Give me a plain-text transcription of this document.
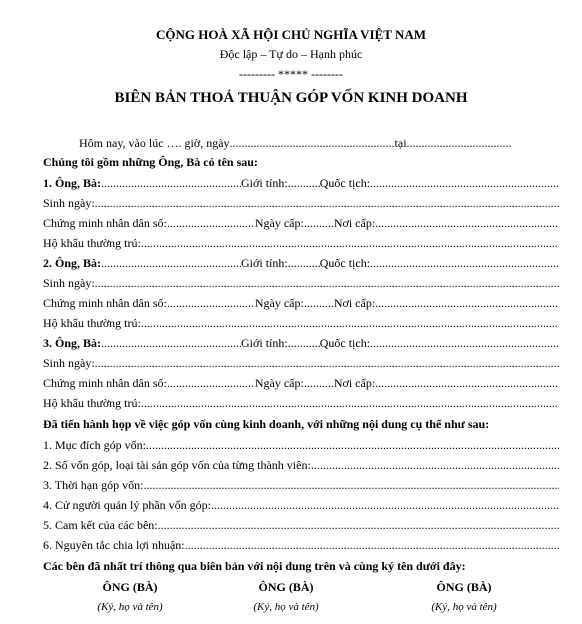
CỘNG HOÀ XÃ HỘI CHỦ NGHĨA VIỆT NAM
Độc lập – Tự do – Hạnh phúc
--------- ***** --------
BIÊN BẢN THOẢ THUẬN GÓP VỐN KINH DOANH
Hôm nay, vào lúc …. giờ, ngày .....	tại
.....
Chúng tôi gồm những Ông, Bà có tên sau:
1. Ông, Bà: .....	Giới tính: .....	Quốc tịch:
.....
Sinh ngày:
.....
Chứng minh nhân dân số: .....	Ngày cấp: .....	Nơi cấp:
.....
Hộ khẩu thường trú:
.....
2. Ông, Bà: .....	Giới tính: .....	Quốc tịch:
.....
Sinh ngày:
.....
Chứng minh nhân dân số: .....	Ngày cấp: .....	Nơi cấp:
.....
Hộ khẩu thường trú:
.....
3. Ông, Bà: .....	Giới tính: .....	Quốc tịch:
.....
Sinh ngày:
.....
Chứng minh nhân dân số: .....	Ngày cấp: .....	Nơi cấp:
.....
Hộ khẩu thường trú:
.....
Đã tiến hành họp về việc góp vốn cùng kinh doanh, với những nội dung cụ thể như sau:
1. Mục đích góp vốn:
.....
2. Số vốn góp, loại tài sản góp vốn của từng thành viên:
.....
3. Thời hạn góp vốn:
.....
4. Cử người quản lý phần vốn góp:
.....
5. Cam kết của các bên:
.....
6. Nguyên tắc chia lợi nhuận:
.....
Các bên đã nhất trí thông qua biên bản với nội dung trên và cùng ký tên dưới đây:
ÔNG (BÀ)
(Ký, họ và tên)
ÔNG (BÀ)
(Ký, họ và tên)
ÔNG (BÀ)
(Ký, họ và tên)
